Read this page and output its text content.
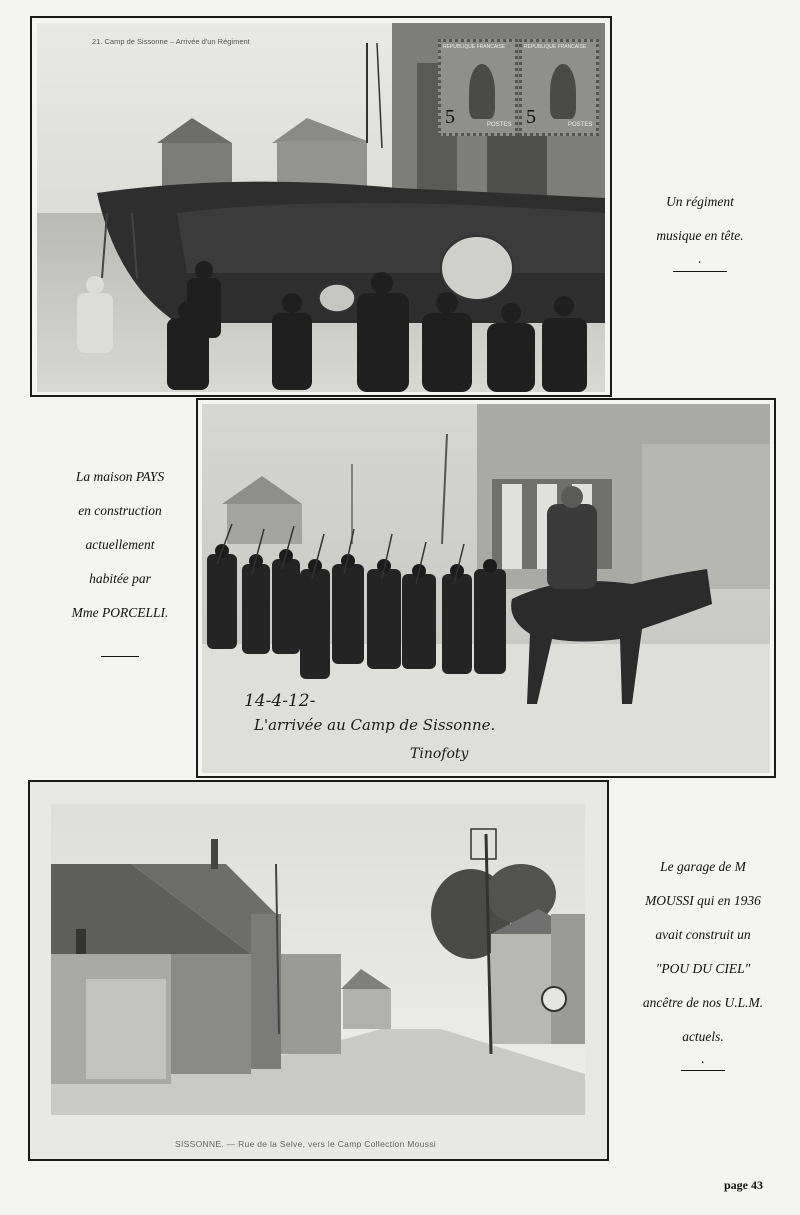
REPUBLIQUE FRANCAISE
5	POSTES
REPUBLIQUE FRANCAISE
5	POSTES
21. Camp de Sissonne – Arrivée d'un Régiment
Un régiment
musique en tête.
.
14-4-12-
L'arrivée au Camp de Sissonne.
Tinofoty
La maison PAYS
en construction
actuellement
habitée par
Mme PORCELLI.
SISSONNE. — Rue de la Selve, vers le Camp Collection Moussi
Le garage de M
MOUSSI qui en 1936
avait construit un
"POU DU CIEL"
ancêtre de nos U.L.M.
actuels.
.
page 43
